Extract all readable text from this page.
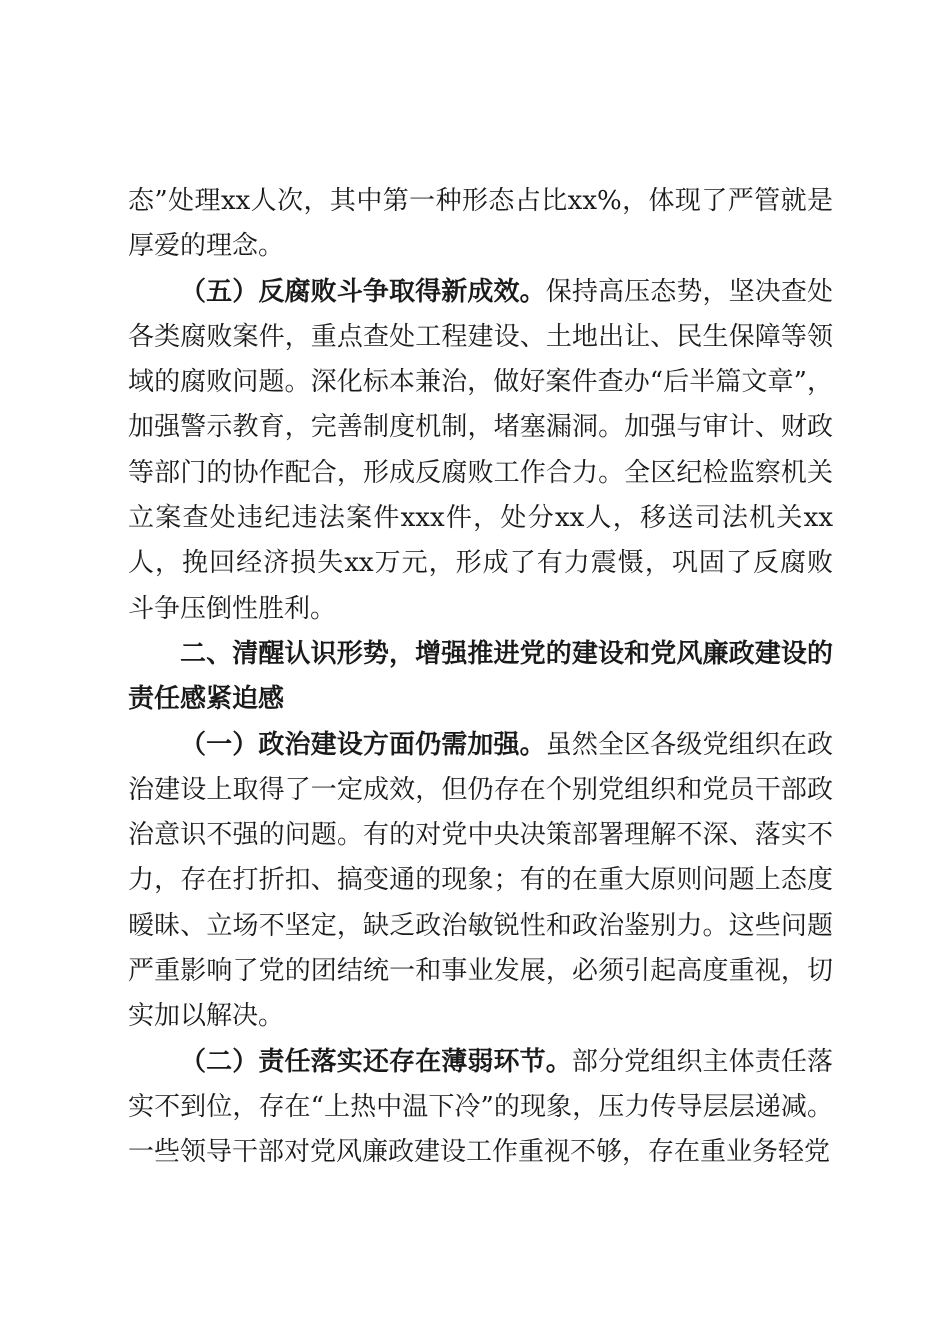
态”处理xx人次，其中第一种形态占比xx%，体现了严管就是厚爱的理念。

（五）反腐败斗争取得新成效。保持高压态势，坚决查处各类腐败案件，重点查处工程建设、土地出让、民生保障等领域的腐败问题。深化标本兼治，做好案件查办“后半篇文章”，加强警示教育，完善制度机制，堵塞漏洞。加强与审计、财政等部门的协作配合，形成反腐败工作合力。全区纪检监察机关立案查处违纪违法案件xxx件，处分xx人，移送司法机关xx人，挽回经济损失xx万元，形成了有力震慑，巩固了反腐败斗争压倒性胜利。

二、清醒认识形势，增强推进党的建设和党风廉政建设的责任感紧迫感

（一）政治建设方面仍需加强。虽然全区各级党组织在政治建设上取得了一定成效，但仍存在个别党组织和党员干部政治意识不强的问题。有的对党中央决策部署理解不深、落实不力，存在打折扣、搞变通的现象；有的在重大原则问题上态度暧昧、立场不坚定，缺乏政治敏锐性和政治鉴别力。这些问题严重影响了党的团结统一和事业发展，必须引起高度重视，切实加以解决。

（二）责任落实还存在薄弱环节。部分党组织主体责任落实不到位，存在“上热中温下冷”的现象，压力传导层层递减。一些领导干部对党风廉政建设工作重视不够，存在重业务轻党
